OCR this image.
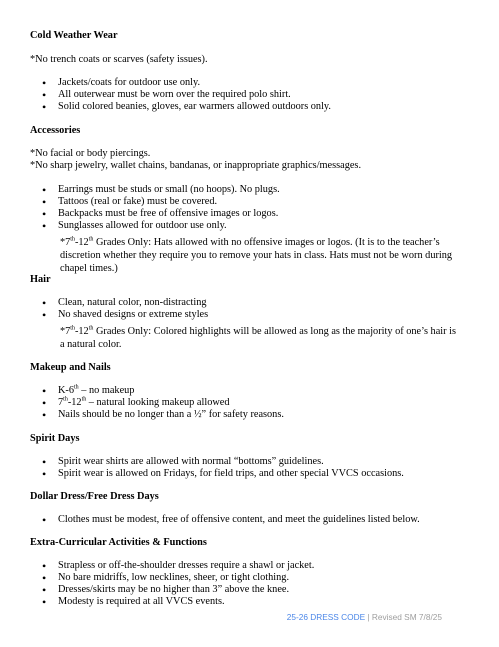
Cold Weather Wear
*No trench coats or scarves (safety issues).
• Jackets/coats for outdoor use only.
• All outerwear must be worn over the required polo shirt.
• Solid colored beanies, gloves, ear warmers allowed outdoors only.
Accessories
*No facial or body piercings.
*No sharp jewelry, wallet chains, bandanas, or inappropriate graphics/messages.
• Earrings must be studs or small (no hoops). No plugs.
• Tattoos (real or fake) must be covered.
• Backpacks must be free of offensive images or logos.
• Sunglasses allowed for outdoor use only.
*7th-12th Grades Only: Hats allowed with no offensive images or logos. (It is to the teacher’s discretion whether they require you to remove your hats in class. Hats must not be worn during chapel times.)
Hair
• Clean, natural color, non-distracting
• No shaved designs or extreme styles
*7th-12th Grades Only: Colored highlights will be allowed as long as the majority of one’s hair is a natural color.
Makeup and Nails
• K-6th – no makeup
• 7th-12th – natural looking makeup allowed
• Nails should be no longer than a ½” for safety reasons.
Spirit Days
• Spirit wear shirts are allowed with normal “bottoms” guidelines.
• Spirit wear is allowed on Fridays, for field trips, and other special VVCS occasions.
Dollar Dress/Free Dress Days
• Clothes must be modest, free of offensive content, and meet the guidelines listed below.
Extra-Curricular Activities & Functions
• Strapless or off-the-shoulder dresses require a shawl or jacket.
• No bare midriffs, low necklines, sheer, or tight clothing.
• Dresses/skirts may be no higher than 3” above the knee.
• Modesty is required at all VVCS events.
25-26 DRESS CODE | Revised SM 7/8/25
